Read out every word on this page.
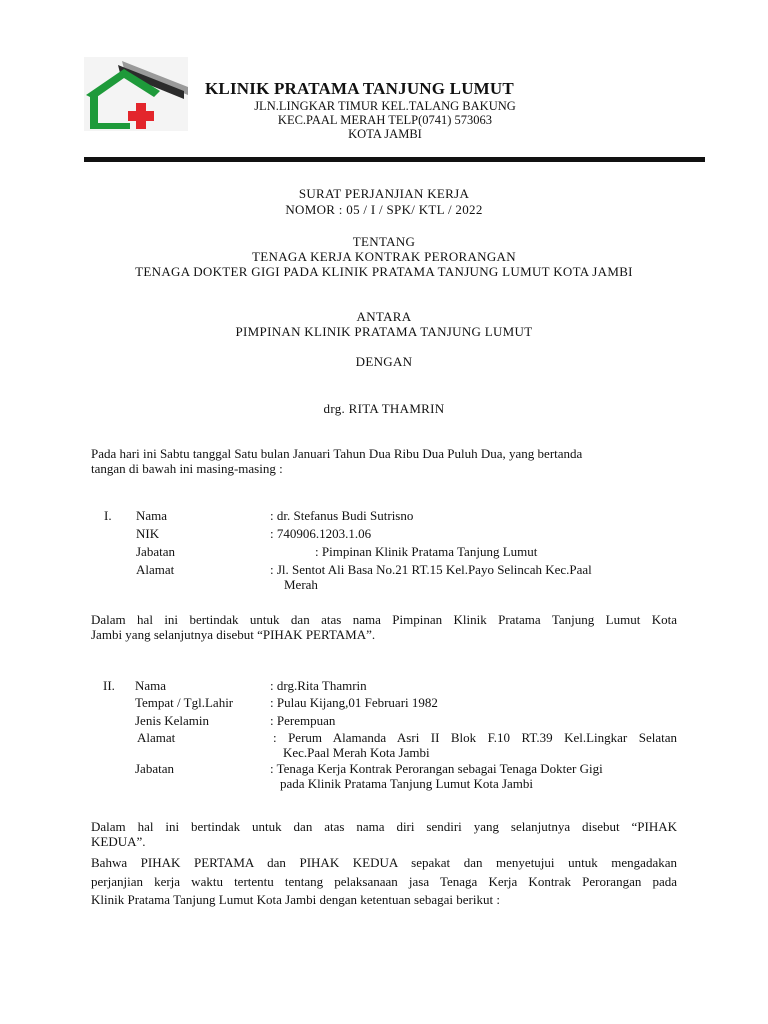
KLINIK PRATAMA TANJUNG LUMUT
JLN.LINGKAR TIMUR KEL.TALANG BAKUNG
KEC.PAAL MERAH TELP(0741) 573063
KOTA JAMBI
SURAT PERJANJIAN KERJA
NOMOR : 05 / I / SPK/ KTL / 2022
TENTANG
TENAGA KERJA KONTRAK PERORANGAN
TENAGA DOKTER GIGI PADA KLINIK PRATAMA TANJUNG LUMUT KOTA JAMBI
ANTARA
PIMPINAN KLINIK PRATAMA TANJUNG LUMUT
DENGAN
drg. RITA THAMRIN
Pada hari ini Sabtu tanggal Satu bulan Januari Tahun Dua Ribu Dua Puluh Dua, yang bertanda
tangan di bawah ini masing-masing :
I. Nama	: dr. Stefanus Budi Sutrisno
NIK	: 740906.1203.1.06
Jabatan	: Pimpinan Klinik Pratama Tanjung Lumut
Alamat	: Jl. Sentot Ali Basa No.21 RT.15 Kel.Payo Selincah Kec.Paal
Merah
Dalam hal ini bertindak untuk dan atas nama Pimpinan Klinik Pratama Tanjung Lumut Kota
Jambi yang selanjutnya disebut “PIHAK PERTAMA”.
II. Nama	: drg.Rita Thamrin
Tempat / Tgl.Lahir	: Pulau Kijang,01 Februari 1982
Jenis Kelamin	: Perempuan
Alamat	: Perum Alamanda Asri II Blok F.10 RT.39 Kel.Lingkar Selatan
Kec.Paal Merah Kota Jambi
Jabatan	: Tenaga Kerja Kontrak Perorangan sebagai Tenaga Dokter Gigi
pada Klinik Pratama Tanjung Lumut Kota Jambi
Dalam hal ini bertindak untuk dan atas nama diri sendiri yang selanjutnya disebut “PIHAK
KEDUA”.
Bahwa PIHAK PERTAMA dan PIHAK KEDUA sepakat dan menyetujui untuk mengadakan
perjanjian kerja waktu tertentu tentang pelaksanaan jasa Tenaga Kerja Kontrak Perorangan pada
Klinik Pratama Tanjung Lumut Kota Jambi dengan ketentuan sebagai berikut :
